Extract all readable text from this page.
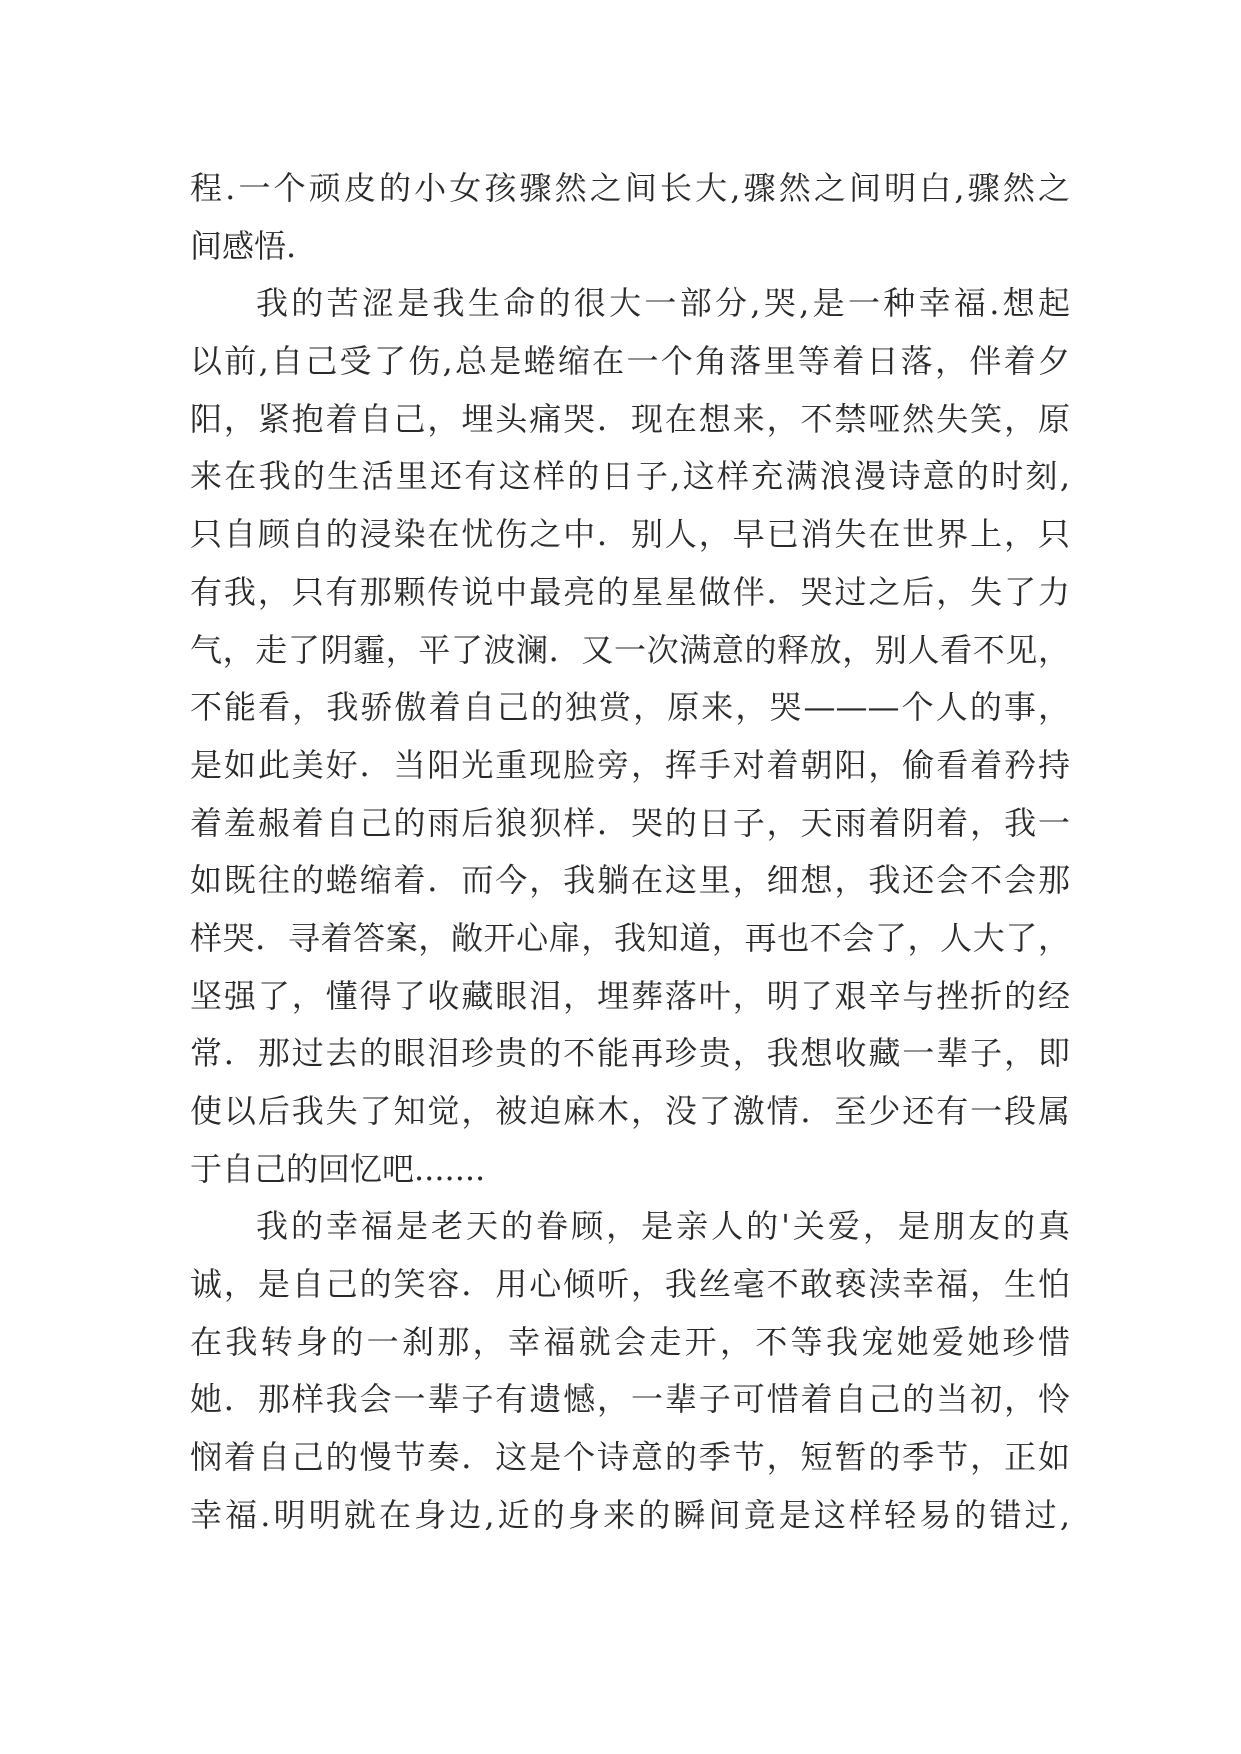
程.一个顽皮的小女孩骤然之间长大,骤然之间明白,骤然之
间感悟.
我的苦涩是我生命的很大一部分,哭,是一种幸福.想起
以前,自己受了伤,总是蜷缩在一个角落里等着日落，伴着夕
阳，紧抱着自己，埋头痛哭．现在想来，不禁哑然失笑，原
来在我的生活里还有这样的日子,这样充满浪漫诗意的时刻,
只自顾自的浸染在忧伤之中．别人，早已消失在世界上，只
有我，只有那颗传说中最亮的星星做伴．哭过之后，失了力
气，走了阴霾，平了波澜．又一次满意的释放，别人看不见，
不能看，我骄傲着自己的独赏，原来，哭———个人的事，
是如此美好．当阳光重现脸旁，挥手对着朝阳，偷看着矜持
着羞赧着自己的雨后狼狈样．哭的日子，天雨着阴着，我一
如既往的蜷缩着．而今，我躺在这里，细想，我还会不会那
样哭．寻着答案，敞开心扉，我知道，再也不会了，人大了，
坚强了，懂得了收藏眼泪，埋葬落叶，明了艰辛与挫折的经
常．那过去的眼泪珍贵的不能再珍贵，我想收藏一辈子，即
使以后我失了知觉，被迫麻木，没了激情．至少还有一段属
于自己的回忆吧.......
我的幸福是老天的眷顾，是亲人的'关爱，是朋友的真
诚，是自己的笑容．用心倾听，我丝毫不敢亵渎幸福，生怕
在我转身的一刹那，幸福就会走开，不等我宠她爱她珍惜
她．那样我会一辈子有遗憾，一辈子可惜着自己的当初，怜
悯着自己的慢节奏．这是个诗意的季节，短暂的季节，正如
幸福.明明就在身边,近的身来的瞬间竟是这样轻易的错过,
